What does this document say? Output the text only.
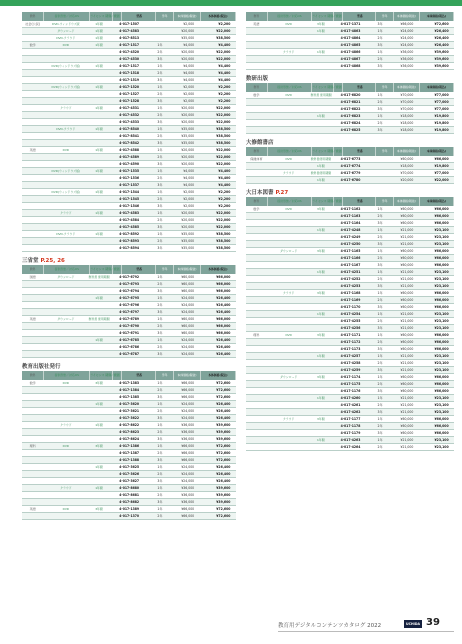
教科	提供形態／対応OS	ライセンス 期間／範囲	型番	学年	本体価格(税抜)	本体価格(税込)
社会(公民)	DVD-ウィンドウズ版	1年間	4-017-1507	¥2,000	¥2,200
ダウンロード	1年間	4-017-4583	¥20,000	¥22,000
DVD-クラウド	1年間	4-017-8513	¥35,000	¥38,500
数学	DVD	1年間	4-017-1517	1年	¥4,000	¥4,400
4-017-4520	2年	¥20,000	¥22,000
4-017-4530	3年	¥20,000	¥22,000
DVD(ウィンドウズ版)	1年間	4-017-1517	1年	¥4,000	¥4,400
4-017-1518	2年	¥4,000	¥4,400
4-017-1519	3年	¥4,000	¥4,400
DVD(ウィンドウズ版)	1年間	4-017-1520	1年	¥2,000	¥2,200
4-017-1527	2年	¥2,000	¥2,200
4-017-1528	3年	¥2,000	¥2,200
クラウド	1年間	4-017-4531	1年	¥20,000	¥22,000
4-017-4532	2年	¥20,000	¥22,000
4-017-4533	3年	¥20,000	¥22,000
DVD-クラウド	1年間	4-017-8540	1年	¥35,000	¥38,500
4-017-8541	2年	¥35,000	¥38,500
4-017-8542	3年	¥35,000	¥38,500
英語	DVD	1年間	4-017-4588	1年	¥20,000	¥22,000
4-017-4589	2年	¥20,000	¥22,000
4-017-4590	3年	¥20,000	¥22,000
DVD(ウィンドウズ版)	1年間	4-017-1535	1年	¥4,000	¥4,400
4-017-1536	2年	¥4,000	¥4,400
4-017-1537	3年	¥4,000	¥4,400
DVD(ウィンドウズ版)	1年間	4-017-1544	1年	¥2,000	¥2,200
4-017-1545	2年	¥2,000	¥2,200
4-017-1546	3年	¥2,000	¥2,200
クラウド	1年間	4-017-4583	1年	¥20,000	¥22,000
4-017-4584	2年	¥20,000	¥22,000
4-017-4585	3年	¥20,000	¥22,000
DVD-クラウド	1年間	4-017-8592	1年	¥35,000	¥38,500
4-017-8593	2年	¥35,000	¥38,500
4-017-8594	3年	¥35,000	¥38,500
三省堂 P.25, 26
教科	提供形態／対応OS	ライセンス 期間／範囲	型番	学年	本体価格(税抜)	本体価格(税込)
国語	ダウンロード	教科書 使用期間	4-017-6792	1年	¥60,000	¥66,000
4-017-6793	2年	¥60,000	¥66,000
4-017-6794	3年	¥60,000	¥66,000
1年間	4-017-6795	1年	¥24,000	¥26,400
4-017-6796	2年	¥24,000	¥26,400
4-017-6797	3年	¥24,000	¥26,400
英語	ダウンロード	教科書 使用期間	4-017-6789	1年	¥60,000	¥66,000
4-017-6790	2年	¥60,000	¥66,000
4-017-6791	3年	¥60,000	¥66,000
1年間	4-017-6785	1年	¥24,000	¥26,400
4-017-6786	2年	¥24,000	¥26,400
4-017-6787	3年	¥24,000	¥26,400
教育出版社発行
教科	提供形態／対応OS	ライセンス 期間／範囲	型番	学年	本体価格(税抜)	本体価格(税込)
数学	DVD	3年間	4-017-1383	1年	¥66,000	¥72,600
4-017-1384	2年	¥66,000	¥72,600
4-017-1385	3年	¥66,000	¥72,600
1年間	4-017-3620	1年	¥24,000	¥26,400
4-017-3621	2年	¥24,000	¥26,400
4-017-3622	3年	¥24,000	¥26,400
クラウド	1年間	4-017-8622	1年	¥36,000	¥39,600
4-017-8623	2年	¥36,000	¥39,600
4-017-8624	3年	¥36,000	¥39,600
理科	DVD	3年間	4-017-1386	1年	¥66,000	¥72,600
4-017-1387	2年	¥66,000	¥72,600
4-017-1388	3年	¥66,000	¥72,600
1年間	4-017-3625	1年	¥24,000	¥26,400
4-017-3626	2年	¥24,000	¥26,400
4-017-3627	3年	¥24,000	¥26,400
クラウド	1年間	4-017-8680	1年	¥36,000	¥39,600
4-017-8681	2年	¥36,000	¥39,600
4-017-8682	3年	¥36,000	¥39,600
英語	DVD	3年間	4-017-1389	1年	¥66,000	¥72,600
4-017-1370	2年	¥66,000	¥72,600
教科	提供形態／対応OS	ライセンス 期間／範囲	型番	学年	本体価格(税抜)	本体価格(税込)
英語	DVD	3年間	4-017-1371	3年	¥66,000	¥72,600
1年間	4-017-4863	1年	¥24,000	¥26,400
4-017-4864	2年	¥24,000	¥26,400
4-017-4865	3年	¥24,000	¥26,400
クラウド	1年間	4-017-4866	1年	¥36,000	¥39,600
4-017-4867	2年	¥36,000	¥39,600
4-017-4868	3年	¥36,000	¥39,600
数研出版
教科	提供形態／対応OS	ライセンス 期間／範囲	型番	学年	本体価格(税抜)	本体価格(税込)
数学	DVD	教科書 使用期間	4-017-6820	1年	¥70,000	¥77,000
4-017-6821	2年	¥70,000	¥77,000
4-017-6822	3年	¥70,000	¥77,000
1年間	4-017-6823	1年	¥18,000	¥19,800
4-017-6824	2年	¥18,000	¥19,800
4-017-6825	3年	¥18,000	¥19,800
大修館書店
教科	提供形態／対応OS	ライセンス 期間／範囲	型番	学年	本体価格(税抜)	本体価格(税込)
保健体育	DVD	教科書使用期間	4-017-6773	¥60,000	¥66,000
1年間	4-017-6774	¥18,000	¥19,800
クラウド	教科書使用期間	4-017-6779	¥70,000	¥77,000
1年間	4-017-6780	¥20,000	¥22,000
大日本図書 P.27
教科	提供形態／対応OS	ライセンス 期間／範囲	型番	学年	本体価格(税抜)	本体価格(税込)
数学	DVD	3年間	4-017-1162	1年	¥60,000	¥66,000
4-017-1163	2年	¥60,000	¥66,000
4-017-1164	3年	¥60,000	¥66,000
1年間	4-017-4248	1年	¥21,000	¥23,100
4-017-4249	2年	¥21,000	¥23,100
4-017-4250	3年	¥21,000	¥23,100
ダウンロード	3年間	4-017-1165	1年	¥60,000	¥66,000
4-017-1166	2年	¥60,000	¥66,000
4-017-1167	3年	¥60,000	¥66,000
1年間	4-017-4251	1年	¥21,000	¥23,100
4-017-4252	2年	¥21,000	¥23,100
4-017-4253	3年	¥21,000	¥23,100
クラウド	3年間	4-017-1168	1年	¥60,000	¥66,000
4-017-1169	2年	¥60,000	¥66,000
4-017-1170	3年	¥60,000	¥66,000
1年間	4-017-4254	1年	¥21,000	¥23,100
4-017-4255	2年	¥21,000	¥23,100
4-017-4256	3年	¥21,000	¥23,100
理科	DVD	3年間	4-017-1171	1年	¥60,000	¥66,000
4-017-1172	2年	¥60,000	¥66,000
4-017-1173	3年	¥60,000	¥66,000
1年間	4-017-4257	1年	¥21,000	¥23,100
4-017-4258	2年	¥21,000	¥23,100
4-017-4259	3年	¥21,000	¥23,100
ダウンロード	3年間	4-017-1174	1年	¥60,000	¥66,000
4-017-1175	2年	¥60,000	¥66,000
4-017-1176	3年	¥60,000	¥66,000
1年間	4-017-4260	1年	¥21,000	¥23,100
4-017-4261	2年	¥21,000	¥23,100
4-017-4262	3年	¥21,000	¥23,100
クラウド	3年間	4-017-1177	1年	¥60,000	¥66,000
4-017-1178	2年	¥60,000	¥66,000
4-017-1179	3年	¥60,000	¥66,000
1年間	4-017-4263	1年	¥21,000	¥23,100
4-017-4264	2年	¥21,000	¥23,100
教育用デジタルコンテンツカタログ 2022	UCHIDA 39
